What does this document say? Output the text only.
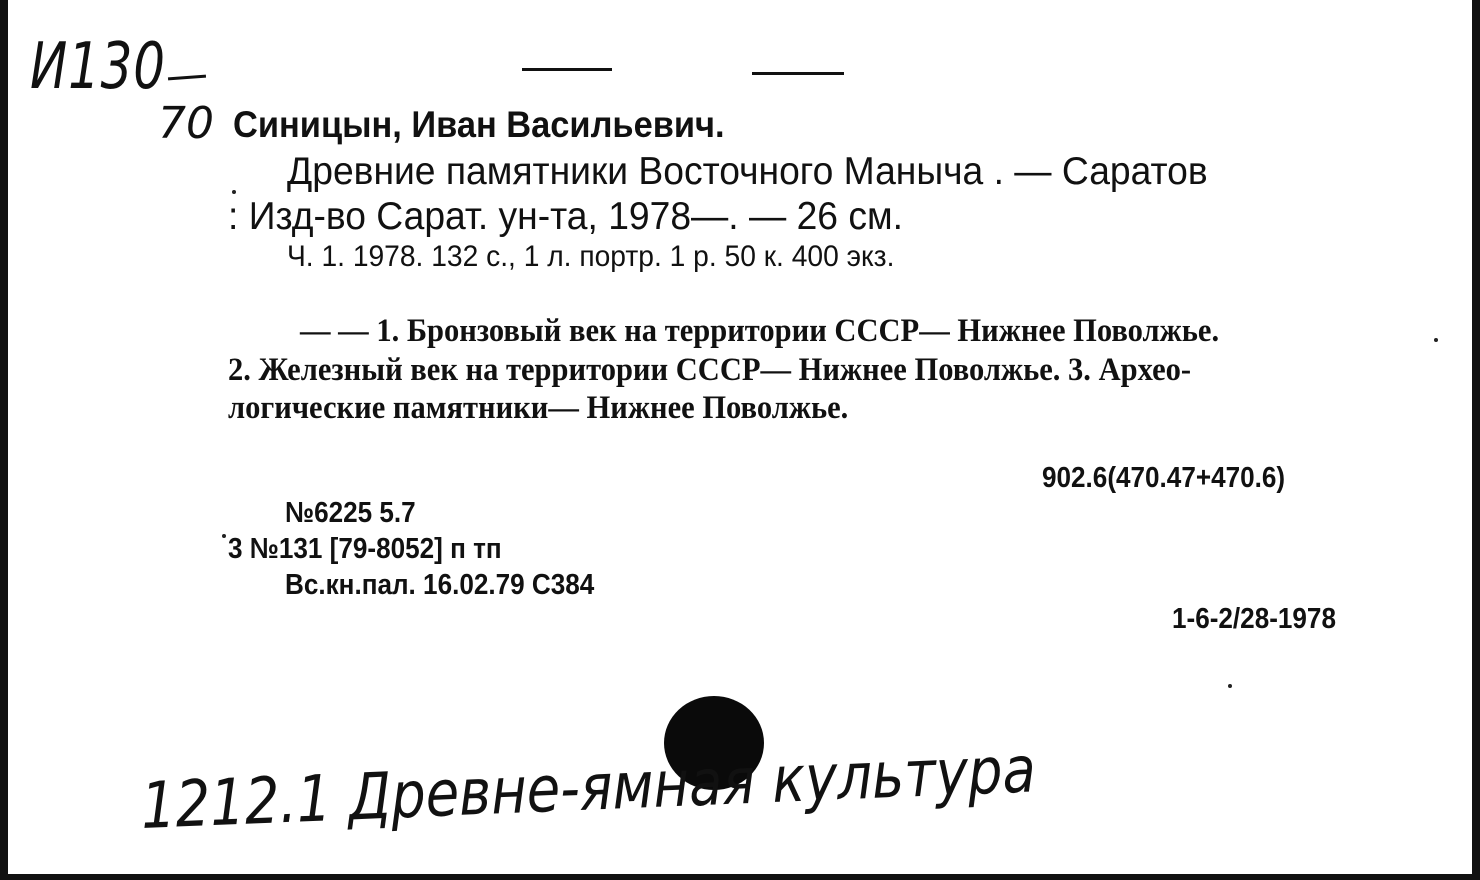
И130
70 Синицын, Иван Васильевич.
Древние памятники Восточного Маныча . — Саратов
: Изд-во Сарат. ун-та, 1978—. — 26 см.
Ч. 1. 1978. 132 с., 1 л. портр. 1 р. 50 к. 400 экз.
— — 1. Бронзовый век на территории СССР— Нижнее Поволжье.
2. Железный век на территории СССР— Нижнее Поволжье. 3. Архео-
логические памятники— Нижнее Поволжье.
902.6(470.47+470.6)
№6225 5.7
3 №131 [79-8052] п тп
Вс.кн.пал. 16.02.79 С384
1-6-2/28-1978
1212.1 Древне-ямная культура
